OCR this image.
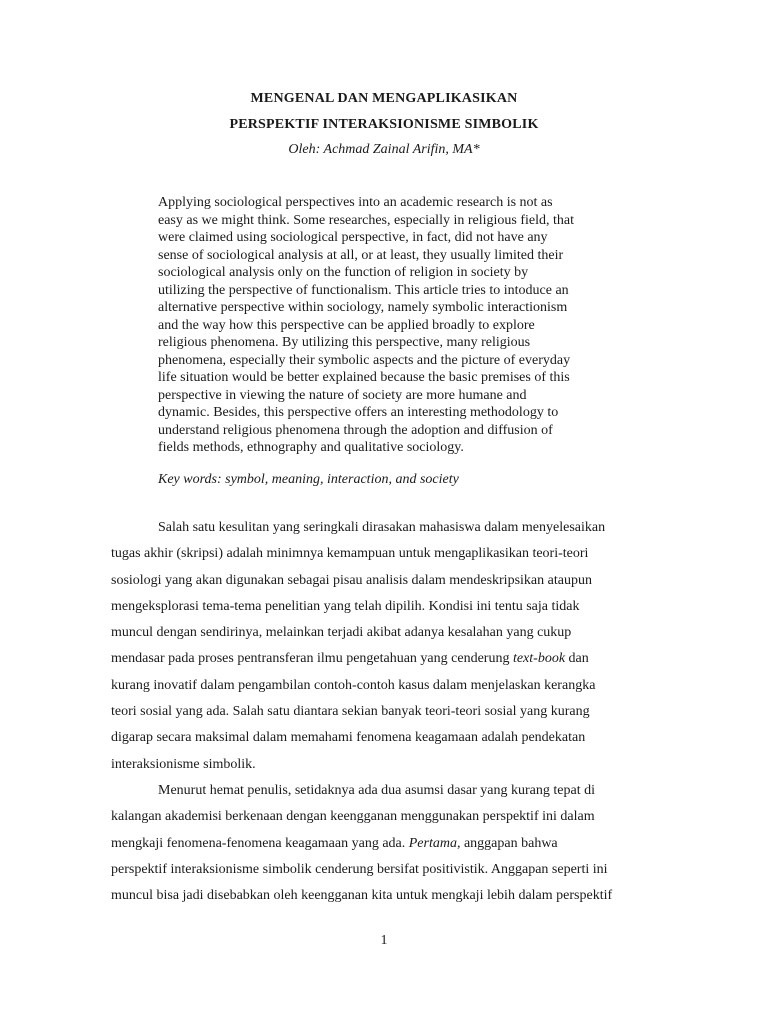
MENGENAL DAN MENGAPLIKASIKAN
PERSPEKTIF INTERAKSIONISME SIMBOLIK
Oleh: Achmad Zainal Arifin, MA*
Applying sociological perspectives into an academic research is not as
easy as we might think. Some researches, especially in religious field, that
were claimed using sociological perspective, in fact, did not have any
sense of sociological analysis at all, or at least, they usually limited their
sociological analysis only on the function of religion in society by
utilizing the perspective of functionalism. This article tries to intoduce an
alternative perspective within sociology, namely symbolic interactionism
and the way how this perspective can be applied broadly to explore
religious phenomena. By utilizing this perspective, many religious
phenomena, especially their symbolic aspects and the picture of everyday
life situation would be better explained because the basic premises of this
perspective in viewing the nature of society are more humane and
dynamic. Besides, this perspective offers an interesting methodology to
understand religious phenomena through the adoption and diffusion of
fields methods, ethnography and qualitative sociology.
Key words: symbol, meaning, interaction, and society
Salah satu kesulitan yang seringkali dirasakan mahasiswa dalam menyelesaikan
tugas akhir (skripsi) adalah minimnya kemampuan untuk mengaplikasikan teori-teori
sosiologi yang akan digunakan sebagai pisau analisis dalam mendeskripsikan ataupun
mengeksplorasi tema-tema penelitian yang telah dipilih. Kondisi ini tentu saja tidak
muncul dengan sendirinya, melainkan terjadi akibat adanya kesalahan yang cukup
mendasar pada proses pentransferan ilmu pengetahuan yang cenderung text-book dan
kurang inovatif dalam pengambilan contoh-contoh kasus dalam menjelaskan kerangka
teori sosial yang ada. Salah satu diantara sekian banyak teori-teori sosial yang kurang
digarap secara maksimal dalam memahami fenomena keagamaan adalah pendekatan
interaksionisme simbolik.
Menurut hemat penulis, setidaknya ada dua asumsi dasar yang kurang tepat di
kalangan akademisi berkenaan dengan keengganan menggunakan perspektif ini dalam
mengkaji fenomena-fenomena keagamaan yang ada. Pertama, anggapan bahwa
perspektif interaksionisme simbolik cenderung bersifat positivistik. Anggapan seperti ini
muncul bisa jadi disebabkan oleh keengganan kita untuk mengkaji lebih dalam perspektif
1
